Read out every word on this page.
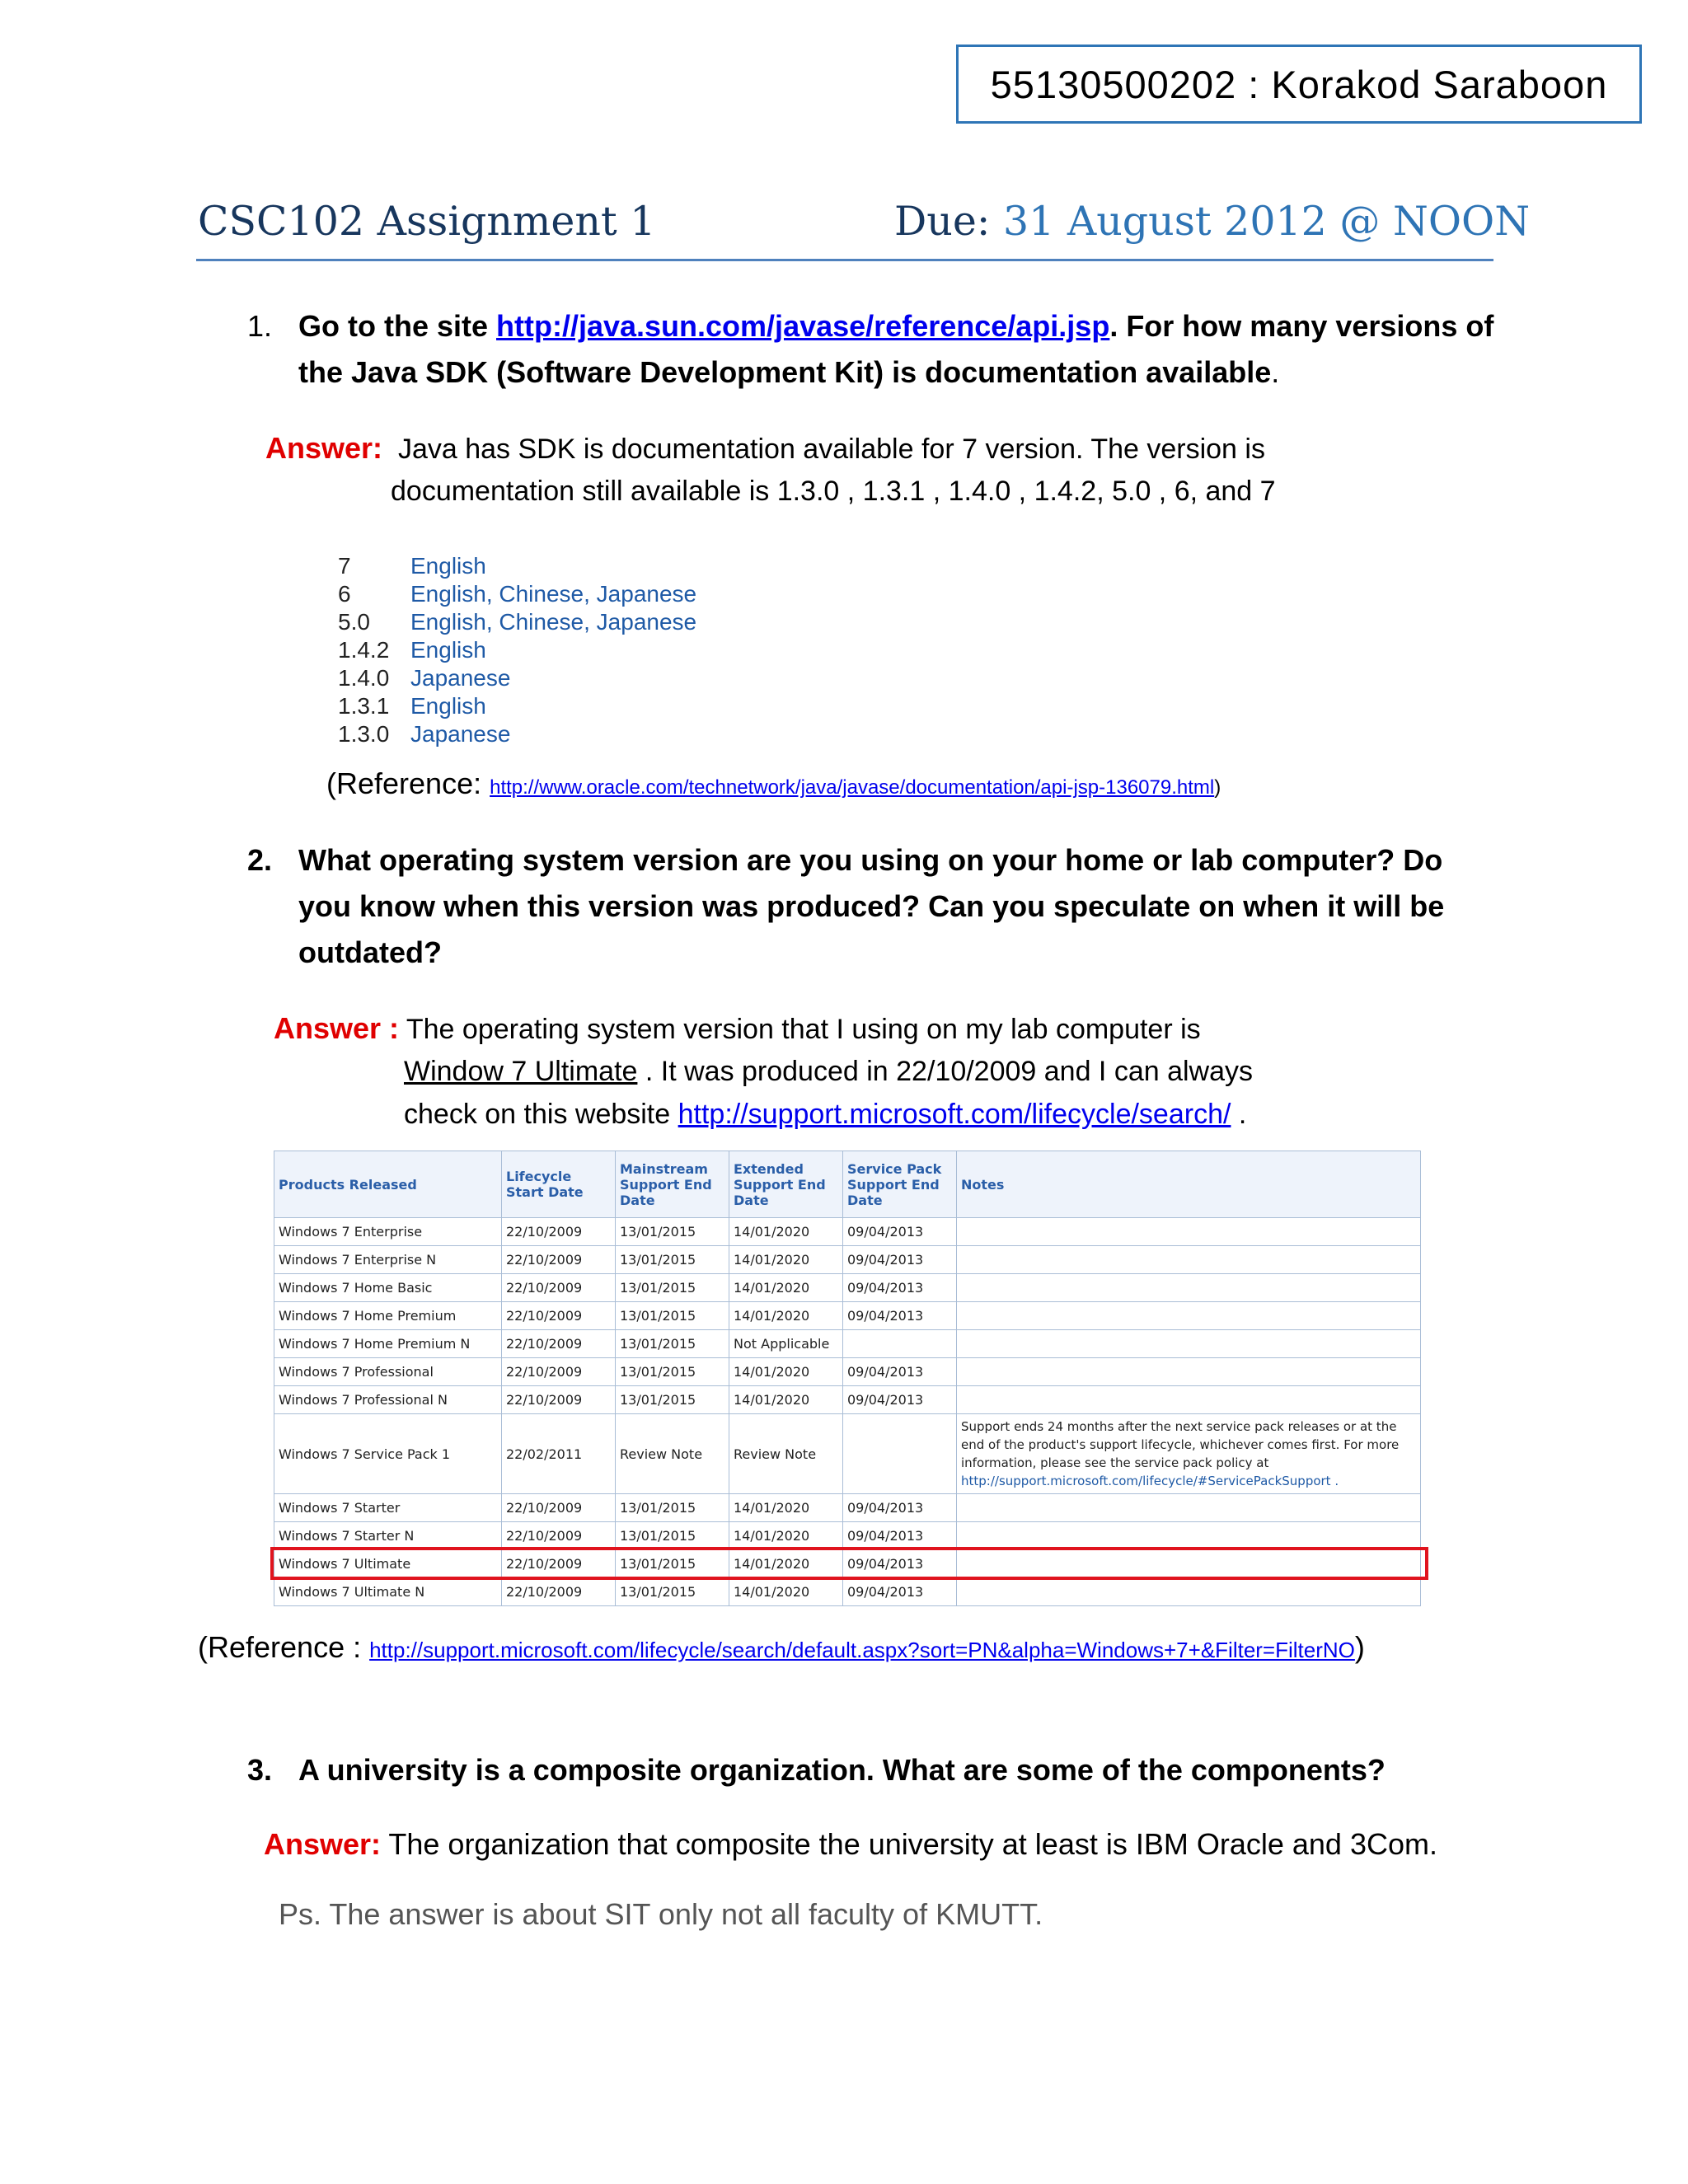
55130500202 : Korakod Saraboon
CSC102 Assignment 1	Due: 31 August 2012 @ NOON
1. Go to the site http://java.sun.com/javase/reference/api.jsp. For how many versions of the Java SDK (Software Development Kit) is documentation available.
Answer: Java has SDK is documentation available for 7 version. The version is
documentation still available is 1.3.0 , 1.3.1 , 1.4.0 , 1.4.2, 5.0 , 6, and 7
7	English
6	English, Chinese, Japanese
5.0	English, Chinese, Japanese
1.4.2 English
1.4.0 Japanese
1.3.1 English
1.3.0 Japanese
(Reference: http://www.oracle.com/technetwork/java/javase/documentation/api-jsp-136079.html)
2. What operating system version are you using on your home or lab computer? Do you know when this version was produced? Can you speculate on when it will be outdated?
Answer : The operating system version that I using on my lab computer is
Window 7 Ultimate . It was produced in 22/10/2009 and I can always
check on this website http://support.microsoft.com/lifecycle/search/ .
Products Released	Lifecycle Start Date	Mainstream Support End Date	Extended Support End Date	Service Pack Support End Date	Notes
Windows 7 Enterprise	22/10/2009	13/01/2015	14/01/2020	09/04/2013	
Windows 7 Enterprise N	22/10/2009	13/01/2015	14/01/2020	09/04/2013	
Windows 7 Home Basic	22/10/2009	13/01/2015	14/01/2020	09/04/2013	
Windows 7 Home Premium	22/10/2009	13/01/2015	14/01/2020	09/04/2013	
Windows 7 Home Premium N	22/10/2009	13/01/2015	Not Applicable		
Windows 7 Professional	22/10/2009	13/01/2015	14/01/2020	09/04/2013	
Windows 7 Professional N	22/10/2009	13/01/2015	14/01/2020	09/04/2013	
Windows 7 Service Pack 1	22/02/2011	Review Note	Review Note		Support ends 24 months after the next service pack releases or at the end of the product's support lifecycle, whichever comes first. For more information, please see the service pack policy at
http://support.microsoft.com/lifecycle/#ServicePackSupport .
Windows 7 Starter	22/10/2009	13/01/2015	14/01/2020	09/04/2013	
Windows 7 Starter N	22/10/2009	13/01/2015	14/01/2020	09/04/2013	
Windows 7 Ultimate	22/10/2009	13/01/2015	14/01/2020	09/04/2013	
Windows 7 Ultimate N	22/10/2009	13/01/2015	14/01/2020	09/04/2013	
(Reference : http://support.microsoft.com/lifecycle/search/default.aspx?sort=PN&alpha=Windows+7+&Filter=FilterNO)
3. A university is a composite organization. What are some of the components?
Answer: The organization that composite the university at least is IBM Oracle and 3Com.
Ps. The answer is about SIT only not all faculty of KMUTT.
